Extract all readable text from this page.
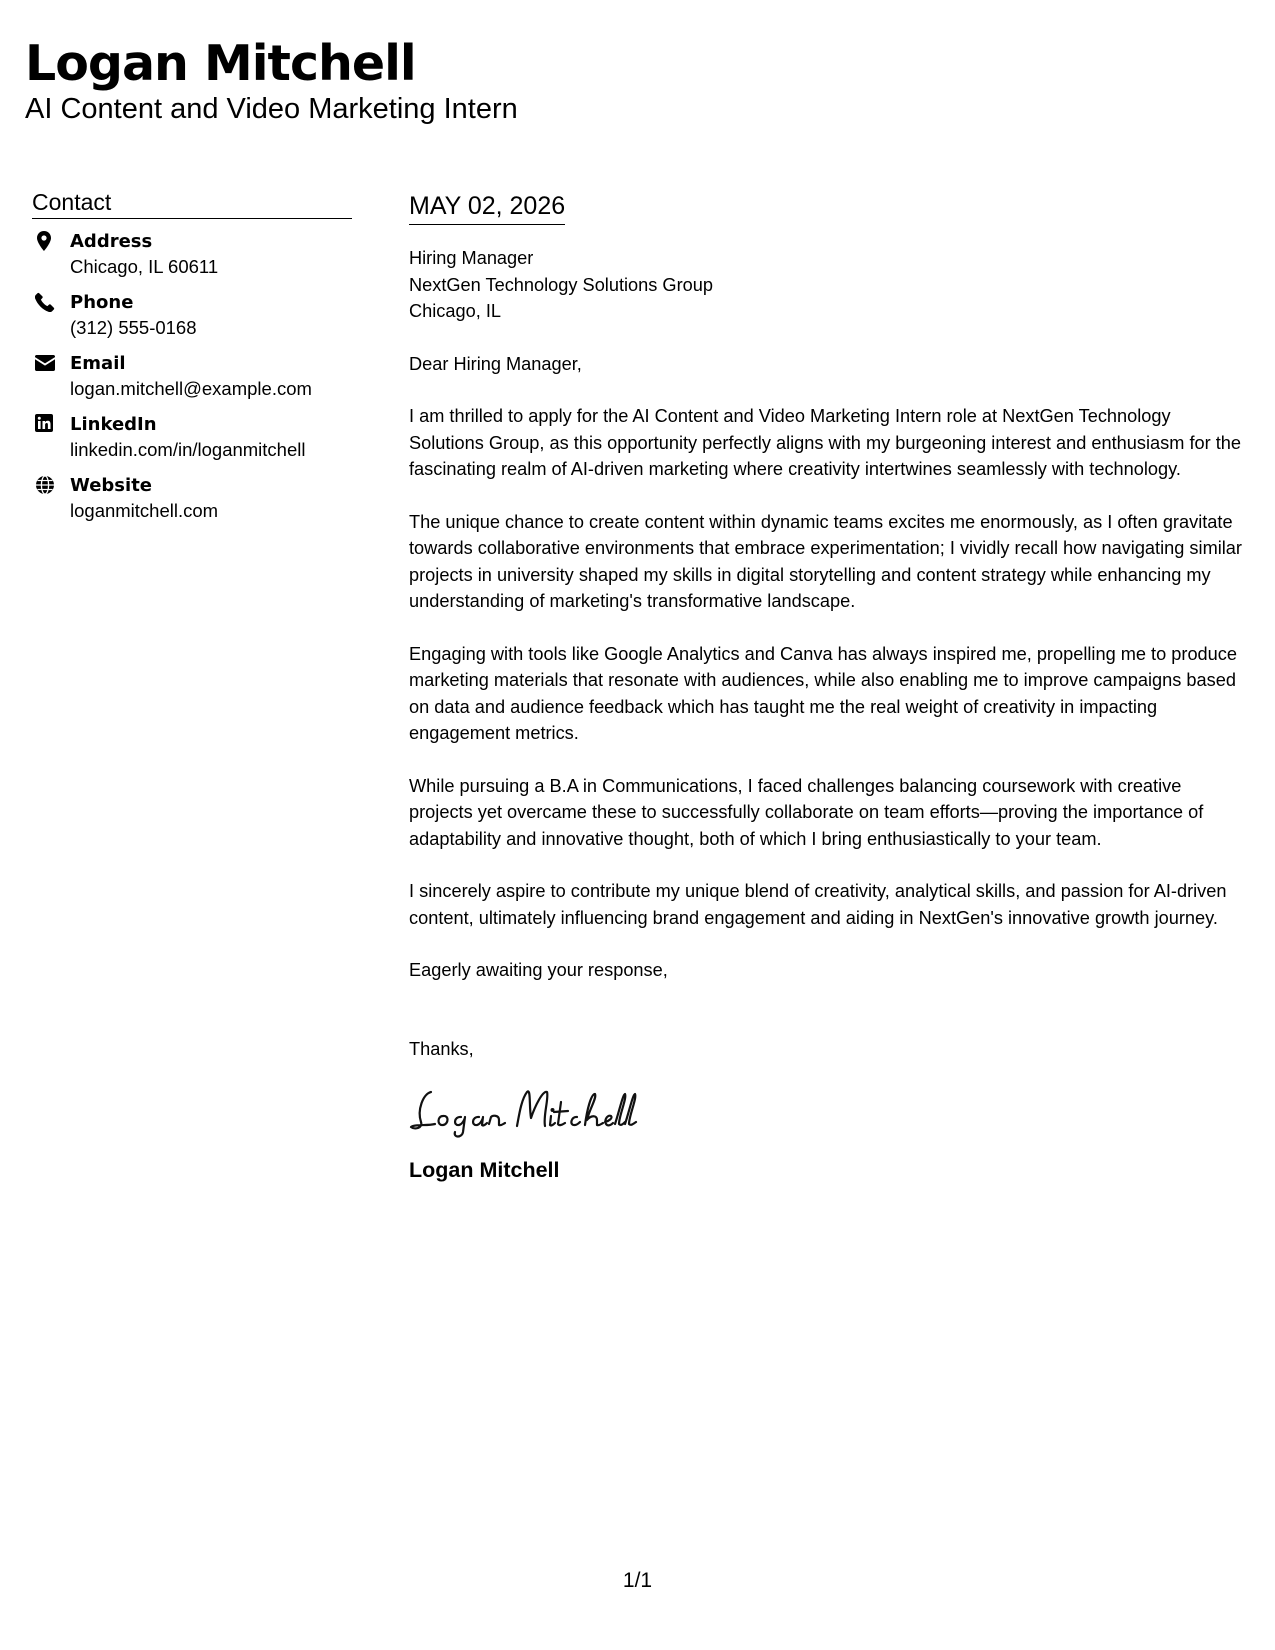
Logan Mitchell
AI Content and Video Marketing Intern
Contact
Address
Chicago, IL 60611
Phone
(312) 555-0168
Email
logan.mitchell@example.com
LinkedIn
linkedin.com/in/loganmitchell
Website
loganmitchell.com
MAY 02, 2026
Hiring Manager
NextGen Technology Solutions Group
Chicago, IL

Dear Hiring Manager,

I am thrilled to apply for the AI Content and Video Marketing Intern role at NextGen Technology Solutions Group, as this opportunity perfectly aligns with my burgeoning interest and enthusiasm for the fascinating realm of AI-driven marketing where creativity intertwines seamlessly with technology.

The unique chance to create content within dynamic teams excites me enormously, as I often gravitate towards collaborative environments that embrace experimentation; I vividly recall how navigating similar projects in university shaped my skills in digital storytelling and content strategy while enhancing my understanding of marketing's transformative landscape.

Engaging with tools like Google Analytics and Canva has always inspired me, propelling me to produce marketing materials that resonate with audiences, while also enabling me to improve campaigns based on data and audience feedback which has taught me the real weight of creativity in impacting engagement metrics.

While pursuing a B.A in Communications, I faced challenges balancing coursework with creative projects yet overcame these to successfully collaborate on team efforts—proving the importance of adaptability and innovative thought, both of which I bring enthusiastically to your team.

I sincerely aspire to contribute my unique blend of creativity, analytical skills, and passion for AI-driven content, ultimately influencing brand engagement and aiding in NextGen's innovative growth journey.

Eagerly awaiting your response,

Thanks,

Logan Mitchell
1/1
